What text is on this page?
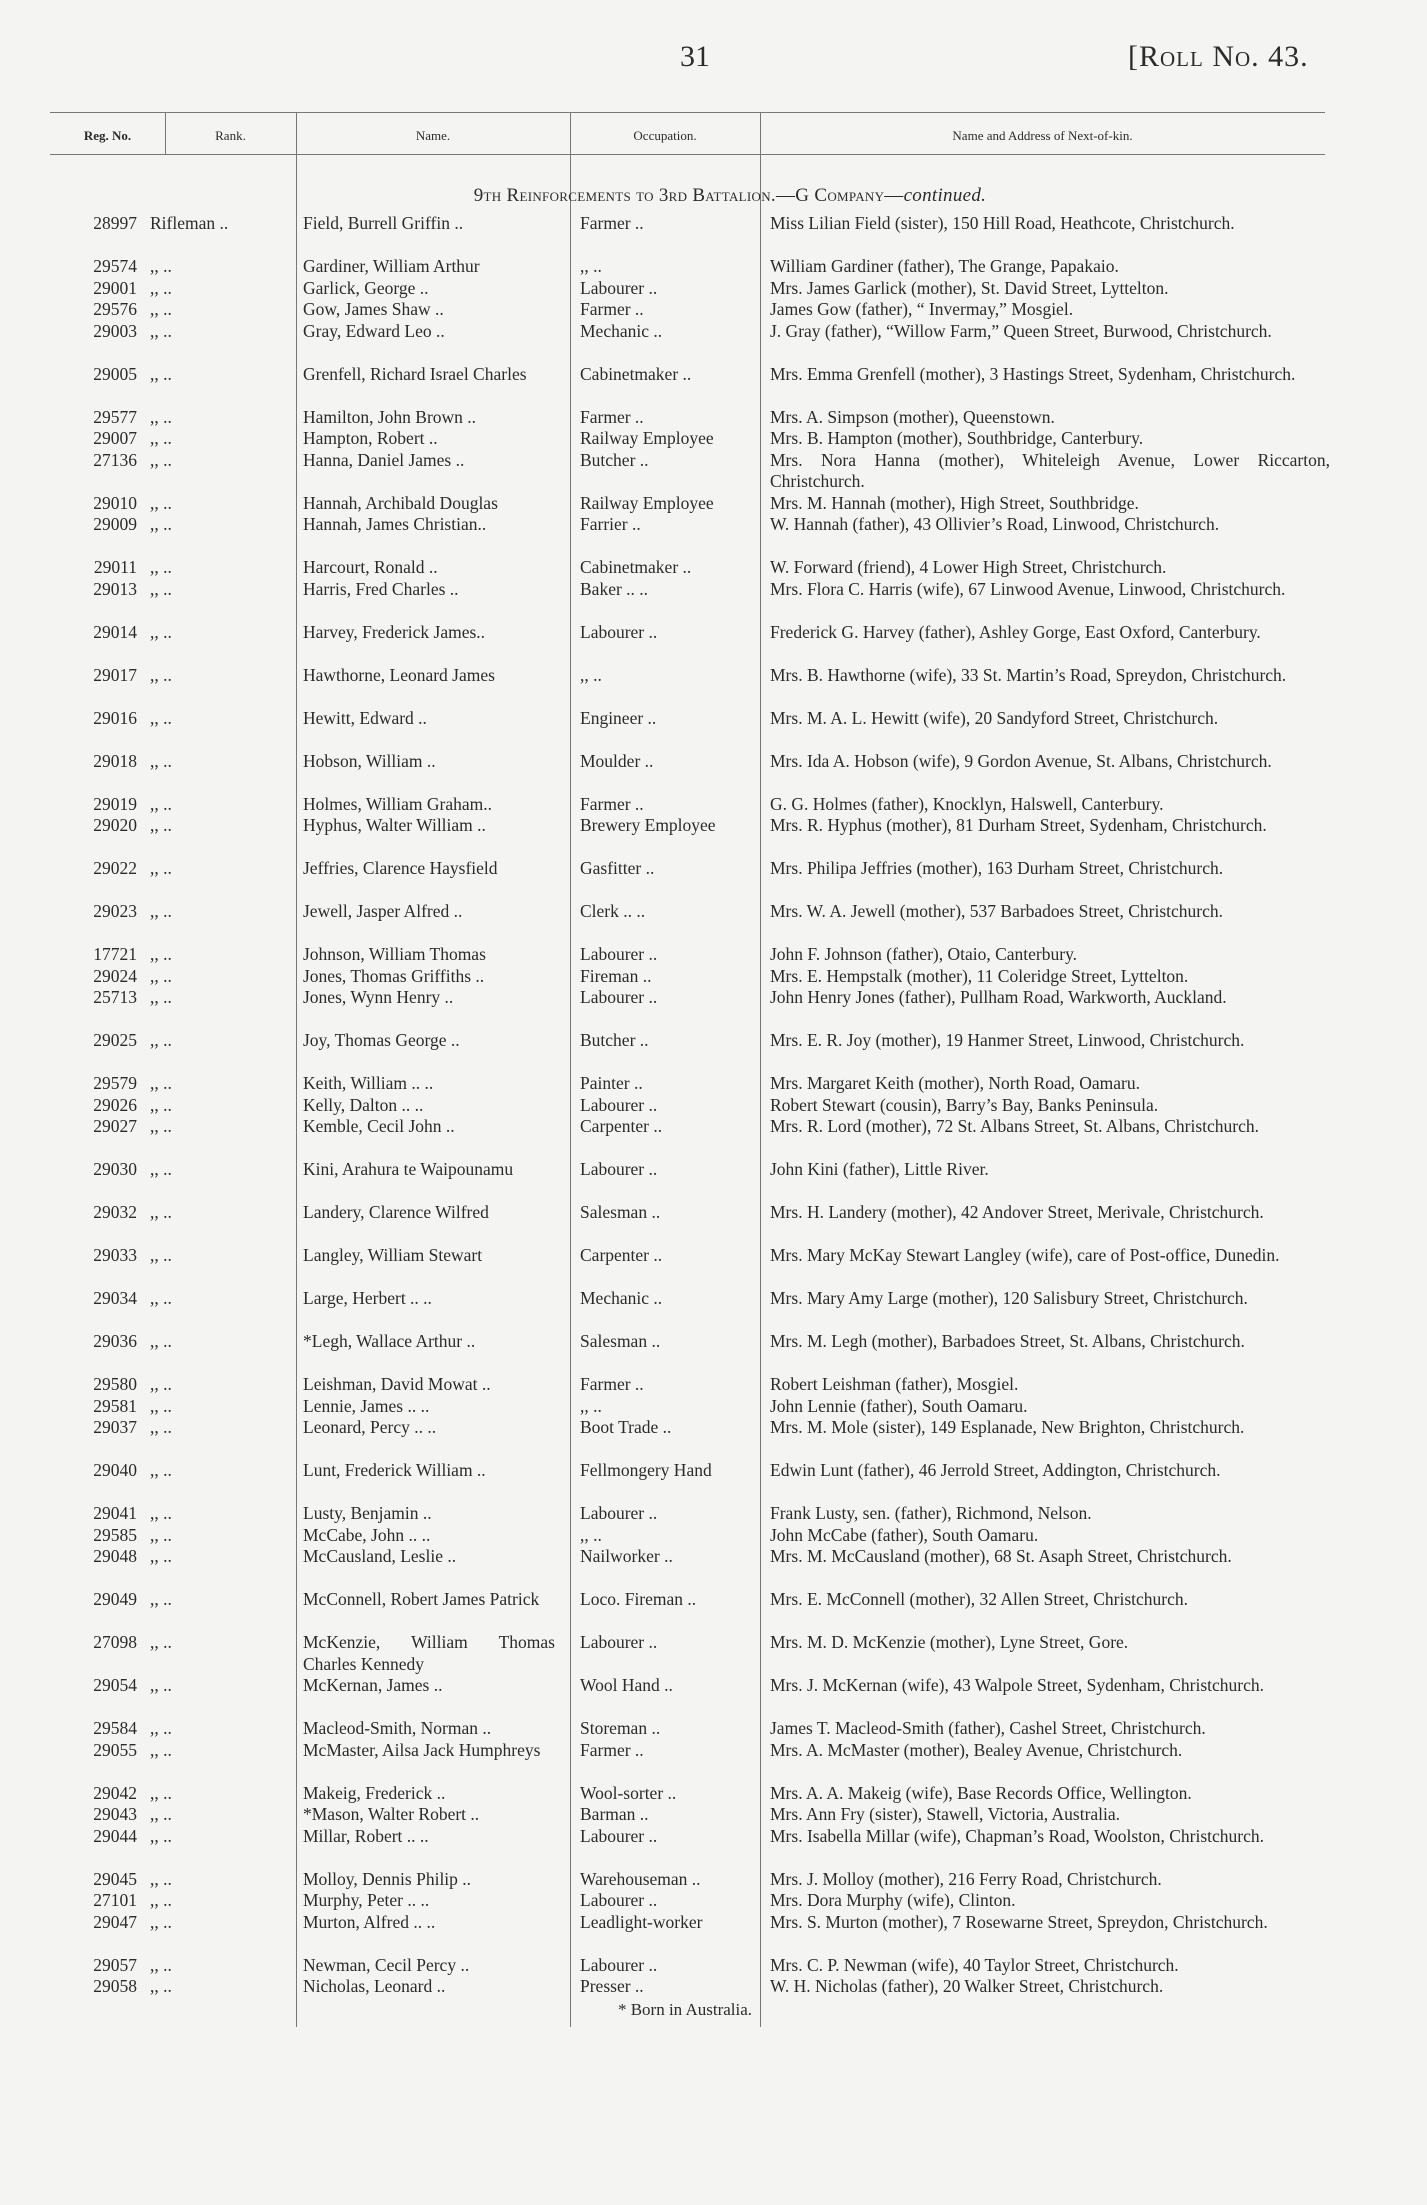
31	[Roll No. 43.
Reg. No.	Rank.	Name.	Occupation.	Name and Address of Next-of-kin.
9th Reinforcements to 3rd Battalion.—G Company—continued.
28997 Rifleman ..	Field, Burrell Griffin ..	Farmer ..	Miss Lilian Field (sister), 150 Hill Road, Heathcote, Christchurch.
29574 ,, ..	Gardiner, William Arthur	,, ..	William Gardiner (father), The Grange, Papakaio.
29001 ,, ..	Garlick, George ..	Labourer ..	Mrs. James Garlick (mother), St. David Street, Lyttelton.
29576 ,, ..	Gow, James Shaw ..	Farmer ..	James Gow (father), “ Invermay,” Mosgiel.
29003 ,, ..	Gray, Edward Leo ..	Mechanic ..	J. Gray (father), “Willow Farm,” Queen Street, Burwood, Christchurch.
29005 ,, ..	Grenfell, Richard Israel Charles	Cabinetmaker ..	Mrs. Emma Grenfell (mother), 3 Hastings Street, Sydenham, Christchurch.
29577 ,, ..	Hamilton, John Brown ..	Farmer ..	Mrs. A. Simpson (mother), Queenstown.
29007 ,, ..	Hampton, Robert ..	Railway Employee	Mrs. B. Hampton (mother), Southbridge, Canterbury.
27136 ,, ..	Hanna, Daniel James ..	Butcher ..	Mrs. Nora Hanna (mother), Whiteleigh Avenue, Lower Riccarton, Christchurch.
29010 ,, ..	Hannah, Archibald Douglas	Railway Employee	Mrs. M. Hannah (mother), High Street, Southbridge.
29009 ,, ..	Hannah, James Christian..	Farrier ..	W. Hannah (father), 43 Ollivier’s Road, Linwood, Christchurch.
29011 ,, ..	Harcourt, Ronald ..	Cabinetmaker ..	W. Forward (friend), 4 Lower High Street, Christchurch.
29013 ,, ..	Harris, Fred Charles ..	Baker .. ..	Mrs. Flora C. Harris (wife), 67 Linwood Avenue, Linwood, Christchurch.
29014 ,, ..	Harvey, Frederick James..	Labourer ..	Frederick G. Harvey (father), Ashley Gorge, East Oxford, Canterbury.
29017 ,, ..	Hawthorne, Leonard James	,, ..	Mrs. B. Hawthorne (wife), 33 St. Martin’s Road, Spreydon, Christchurch.
29016 ,, ..	Hewitt, Edward ..	Engineer ..	Mrs. M. A. L. Hewitt (wife), 20 Sandyford Street, Christchurch.
29018 ,, ..	Hobson, William ..	Moulder ..	Mrs. Ida A. Hobson (wife), 9 Gordon Avenue, St. Albans, Christchurch.
29019 ,, ..	Holmes, William Graham..	Farmer ..	G. G. Holmes (father), Knocklyn, Halswell, Canterbury.
29020 ,, ..	Hyphus, Walter William ..	Brewery Employee	Mrs. R. Hyphus (mother), 81 Durham Street, Sydenham, Christchurch.
29022 ,, ..	Jeffries, Clarence Haysfield	Gasfitter ..	Mrs. Philipa Jeffries (mother), 163 Durham Street, Christchurch.
29023 ,, ..	Jewell, Jasper Alfred ..	Clerk .. ..	Mrs. W. A. Jewell (mother), 537 Barbadoes Street, Christchurch.
17721 ,, ..	Johnson, William Thomas	Labourer ..	John F. Johnson (father), Otaio, Canterbury.
29024 ,, ..	Jones, Thomas Griffiths ..	Fireman ..	Mrs. E. Hempstalk (mother), 11 Coleridge Street, Lyttelton.
25713 ,, ..	Jones, Wynn Henry ..	Labourer ..	John Henry Jones (father), Pullham Road, Warkworth, Auckland.
29025 ,, ..	Joy, Thomas George ..	Butcher ..	Mrs. E. R. Joy (mother), 19 Hanmer Street, Linwood, Christchurch.
29579 ,, ..	Keith, William .. ..	Painter ..	Mrs. Margaret Keith (mother), North Road, Oamaru.
29026 ,, ..	Kelly, Dalton .. ..	Labourer ..	Robert Stewart (cousin), Barry’s Bay, Banks Peninsula.
29027 ,, ..	Kemble, Cecil John ..	Carpenter ..	Mrs. R. Lord (mother), 72 St. Albans Street, St. Albans, Christchurch.
29030 ,, ..	Kini, Arahura te Waipounamu	Labourer ..	John Kini (father), Little River.
29032 ,, ..	Landery, Clarence Wilfred	Salesman ..	Mrs. H. Landery (mother), 42 Andover Street, Merivale, Christchurch.
29033 ,, ..	Langley, William Stewart	Carpenter ..	Mrs. Mary McKay Stewart Langley (wife), care of Post-office, Dunedin.
29034 ,, ..	Large, Herbert .. ..	Mechanic ..	Mrs. Mary Amy Large (mother), 120 Salisbury Street, Christchurch.
29036 ,, ..	*Legh, Wallace Arthur ..	Salesman ..	Mrs. M. Legh (mother), Barbadoes Street, St. Albans, Christchurch.
29580 ,, ..	Leishman, David Mowat ..	Farmer ..	Robert Leishman (father), Mosgiel.
29581 ,, ..	Lennie, James .. ..	,, ..	John Lennie (father), South Oamaru.
29037 ,, ..	Leonard, Percy .. ..	Boot Trade ..	Mrs. M. Mole (sister), 149 Esplanade, New Brighton, Christchurch.
29040 ,, ..	Lunt, Frederick William ..	Fellmongery Hand	Edwin Lunt (father), 46 Jerrold Street, Addington, Christchurch.
29041 ,, ..	Lusty, Benjamin ..	Labourer ..	Frank Lusty, sen. (father), Richmond, Nelson.
29585 ,, ..	McCabe, John .. ..	,, ..	John McCabe (father), South Oamaru.
29048 ,, ..	McCausland, Leslie ..	Nailworker ..	Mrs. M. McCausland (mother), 68 St. Asaph Street, Christchurch.
29049 ,, ..	McConnell, Robert James Patrick	Loco. Fireman ..	Mrs. E. McConnell (mother), 32 Allen Street, Christchurch.
27098 ,, ..	McKenzie, William Thomas Charles Kennedy
Labourer ..	Mrs. M. D. McKenzie (mother), Lyne Street, Gore.
29054 ,, ..	McKernan, James ..	Wool Hand ..	Mrs. J. McKernan (wife), 43 Walpole Street, Sydenham, Christchurch.
29584 ,, ..	Macleod-Smith, Norman ..	Storeman ..	James T. Macleod-Smith (father), Cashel Street, Christchurch.
29055 ,, ..	McMaster, Ailsa Jack Humphreys	Farmer ..	Mrs. A. McMaster (mother), Bealey Avenue, Christchurch.
29042 ,, ..	Makeig, Frederick ..	Wool-sorter ..	Mrs. A. A. Makeig (wife), Base Records Office, Wellington.
29043 ,, ..	*Mason, Walter Robert ..	Barman ..	Mrs. Ann Fry (sister), Stawell, Victoria, Australia.
29044 ,, ..	Millar, Robert .. ..	Labourer ..	Mrs. Isabella Millar (wife), Chapman’s Road, Woolston, Christchurch.
29045 ,, ..	Molloy, Dennis Philip ..	Warehouseman ..	Mrs. J. Molloy (mother), 216 Ferry Road, Christchurch.
27101 ,, ..	Murphy, Peter .. ..	Labourer ..	Mrs. Dora Murphy (wife), Clinton.
29047 ,, ..	Murton, Alfred .. ..	Leadlight-worker	Mrs. S. Murton (mother), 7 Rosewarne Street, Spreydon, Christchurch.
29057 ,, ..	Newman, Cecil Percy ..	Labourer ..	Mrs. C. P. Newman (wife), 40 Taylor Street, Christchurch.
29058 ,, ..	Nicholas, Leonard ..	Presser ..	W. H. Nicholas (father), 20 Walker Street, Christchurch.
* Born in Australia.
